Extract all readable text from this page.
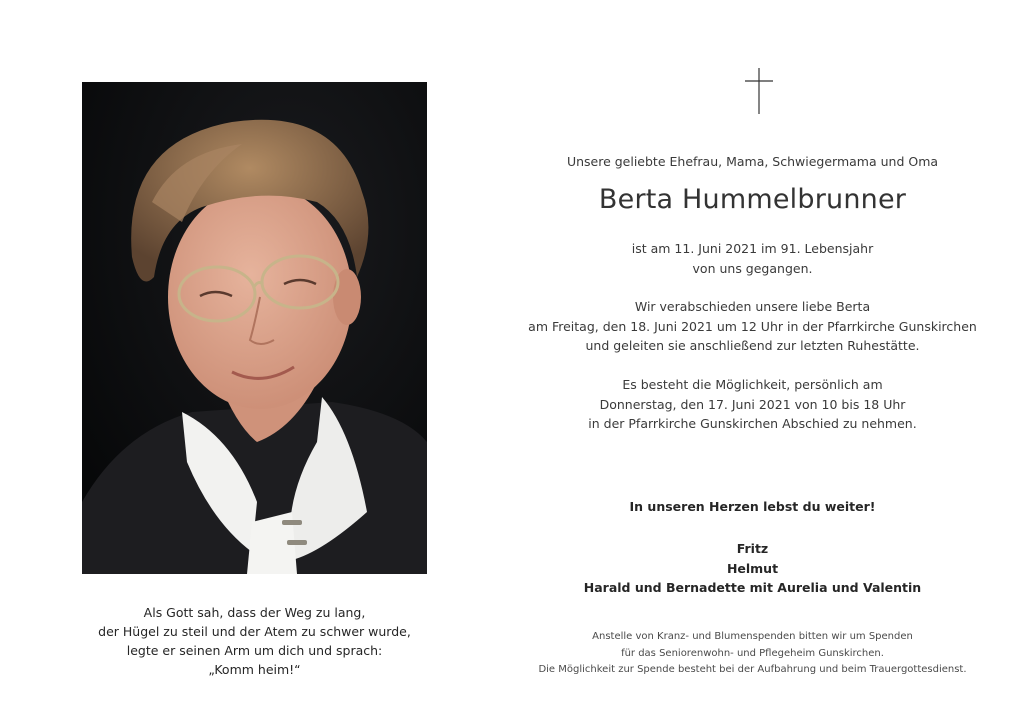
Als Gott sah, dass der Weg zu lang,
der Hügel zu steil und der Atem zu schwer wurde,
legte er seinen Arm um dich und sprach:
„Komm heim!“
Unsere geliebte Ehefrau, Mama, Schwiegermama und Oma
Berta Hummelbrunner
ist am 11. Juni 2021 im 91. Lebensjahr
von uns gegangen.
Wir verabschieden unsere liebe Berta
am Freitag, den 18. Juni 2021 um 12 Uhr in der Pfarrkirche Gunskirchen
und geleiten sie anschließend zur letzten Ruhestätte.
Es besteht die Möglichkeit, persönlich am
Donnerstag, den 17. Juni 2021 von 10 bis 18 Uhr
in der Pfarrkirche Gunskirchen Abschied zu nehmen.
In unseren Herzen lebst du weiter!
Fritz
Helmut
Harald und Bernadette mit Aurelia und Valentin
Anstelle von Kranz- und Blumenspenden bitten wir um Spenden
für das Seniorenwohn- und Pflegeheim Gunskirchen.
Die Möglichkeit zur Spende besteht bei der Aufbahrung und beim Trauergottesdienst.
